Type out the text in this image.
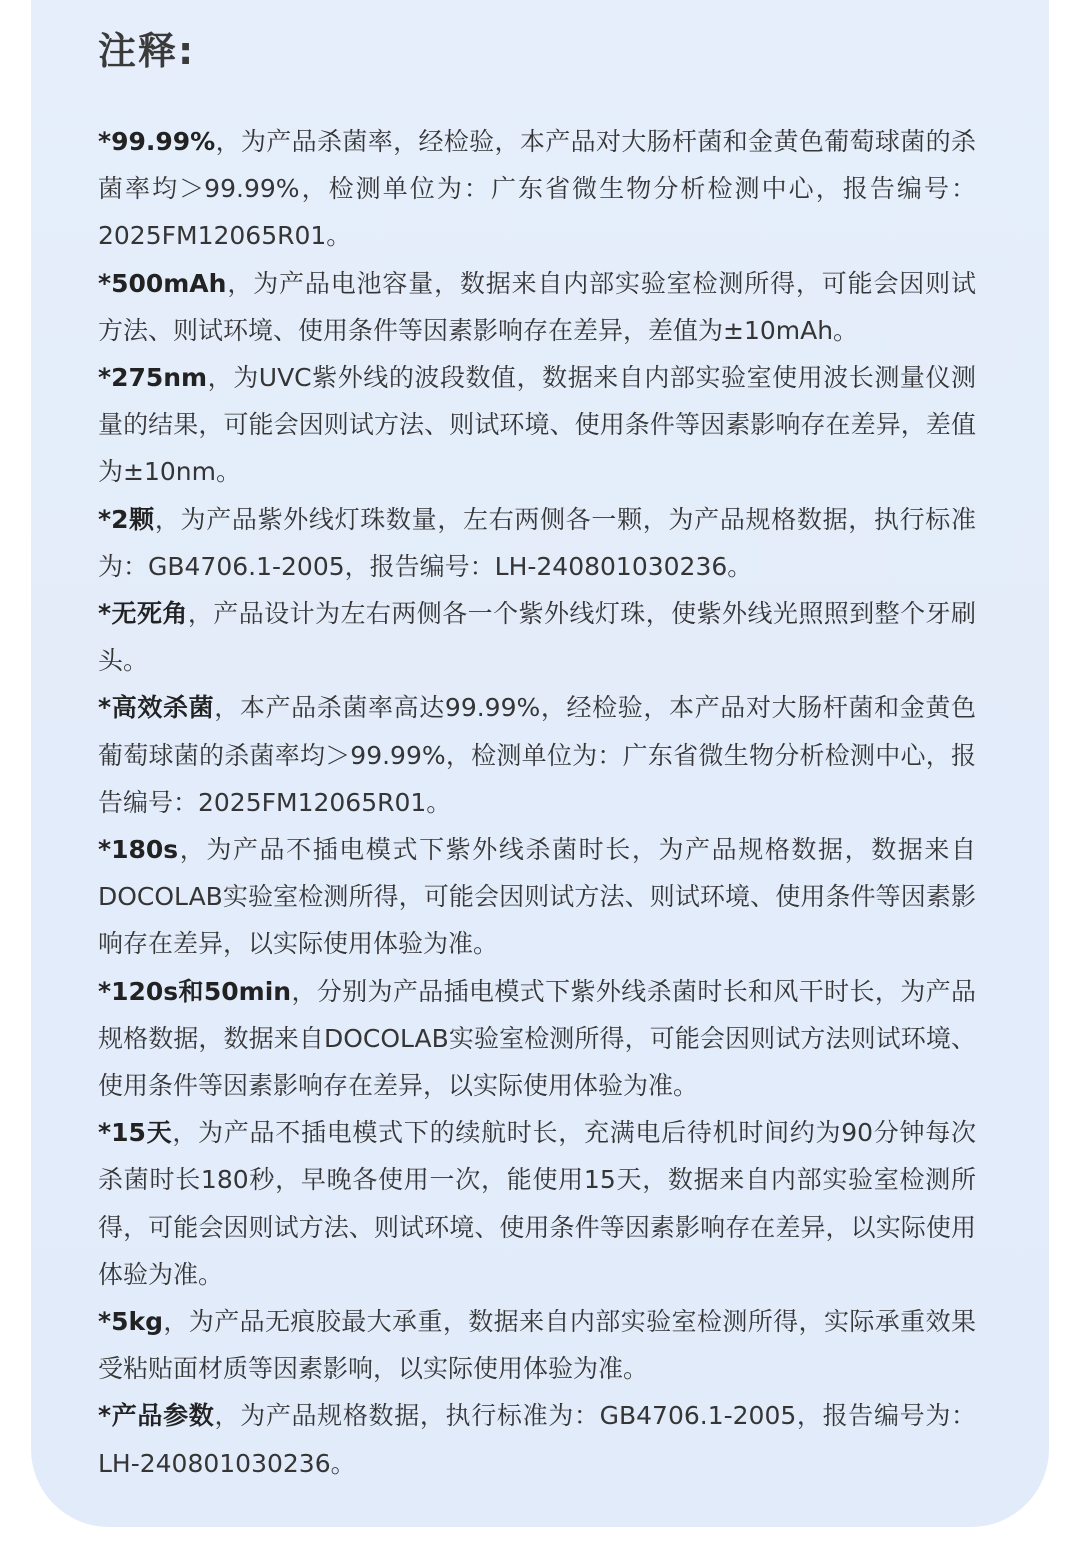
注释:
*99.99%，为产品杀菌率，经检验，本产品对大肠杆菌和金黄色葡萄球菌的杀菌率均＞99.99%，检测单位为：广东省微生物分析检测中心，报告编号：2025FM12065R01。
*500mAh，为产品电池容量，数据来自内部实验室检测所得，可能会因则试方法、则试环境、使用条件等因素影响存在差异，差值为±10mAh。
*275nm，为UVC紫外线的波段数值，数据来自内部实验室使用波长测量仪测量的结果，可能会因则试方法、则试环境、使用条件等因素影响存在差异，差值为±10nm。
*2颗，为产品紫外线灯珠数量，左右两侧各一颗，为产品规格数据，执行标准为：GB4706.1-2005，报告编号：LH-240801030236。
*无死角，产品设计为左右两侧各一个紫外线灯珠，使紫外线光照照到整个牙刷头。
*高效杀菌，本产品杀菌率高达99.99%，经检验，本产品对大肠杆菌和金黄色葡萄球菌的杀菌率均＞99.99%，检测单位为：广东省微生物分析检测中心，报告编号：2025FM12065R01。
*180s，为产品不插电模式下紫外线杀菌时长，为产品规格数据，数据来自DOCOLAB实验室检测所得，可能会因则试方法、则试环境、使用条件等因素影响存在差异，以实际使用体验为准。
*120s和50min，分别为产品插电模式下紫外线杀菌时长和风干时长，为产品规格数据，数据来自DOCOLAB实验室检测所得，可能会因则试方法则试环境、使用条件等因素影响存在差异，以实际使用体验为准。
*15天，为产品不插电模式下的续航时长，充满电后待机时间约为90分钟每次杀菌时长180秒，早晚各使用一次，能使用15天，数据来自内部实验室检测所得，可能会因则试方法、则试环境、使用条件等因素影响存在差异，以实际使用体验为准。
*5kg，为产品无痕胶最大承重，数据来自内部实验室检测所得，实际承重效果受粘贴面材质等因素影响，以实际使用体验为准。
*产品参数，为产品规格数据，执行标准为：GB4706.1-2005，报告编号为：LH-240801030236。
